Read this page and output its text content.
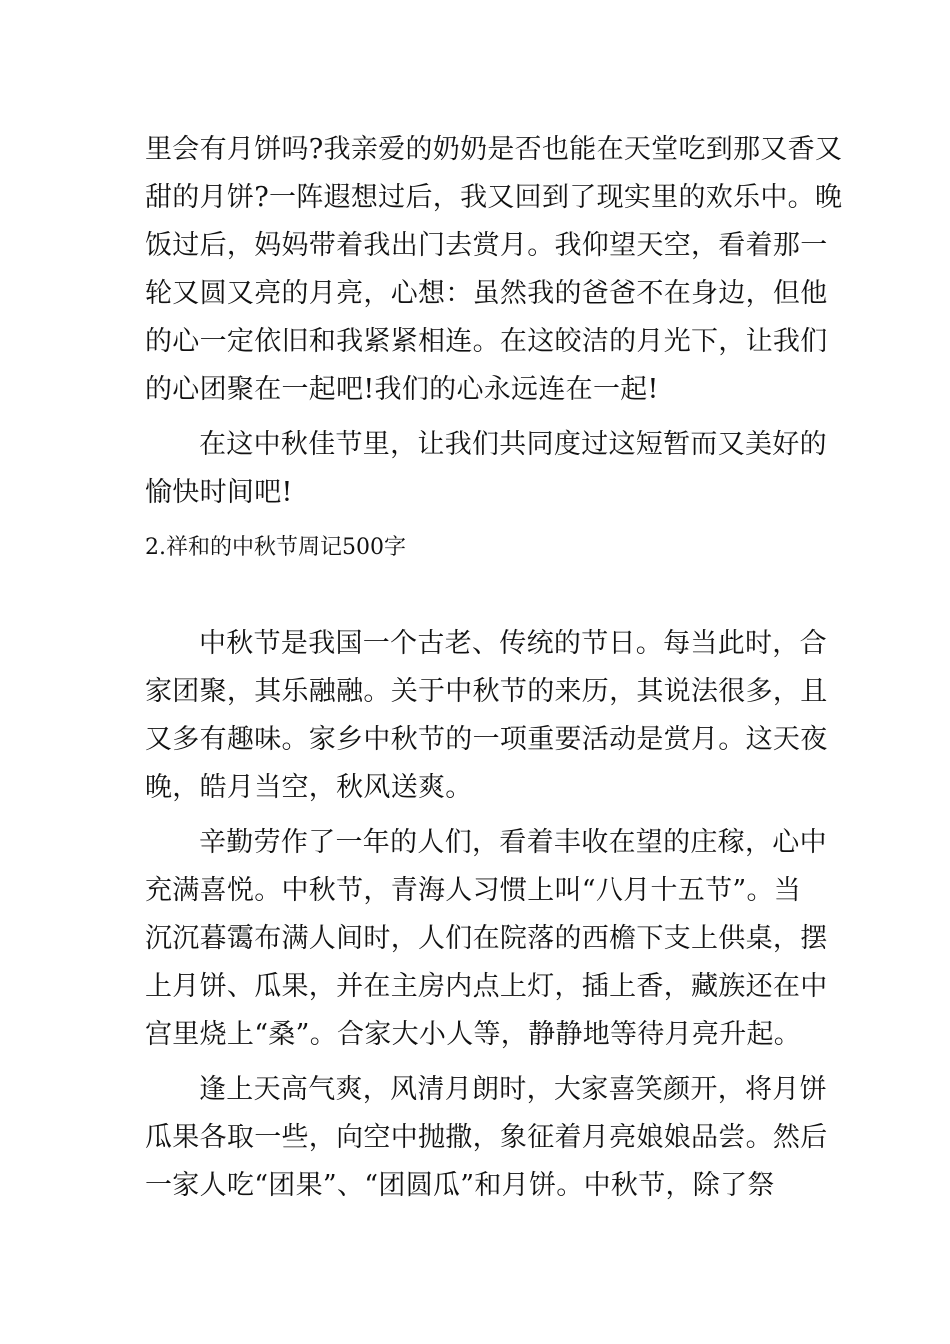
里会有月饼吗?我亲爱的奶奶是否也能在天堂吃到那又香又
甜的月饼?一阵遐想过后，我又回到了现实里的欢乐中。晚
饭过后，妈妈带着我出门去赏月。我仰望天空，看着那一
轮又圆又亮的月亮，心想：虽然我的爸爸不在身边，但他
的心一定依旧和我紧紧相连。在这皎洁的月光下，让我们
的心团聚在一起吧!我们的心永远连在一起!
在这中秋佳节里，让我们共同度过这短暂而又美好的
愉快时间吧!
2.祥和的中秋节周记500字
中秋节是我国一个古老、传统的节日。每当此时，合
家团聚，其乐融融。关于中秋节的来历，其说法很多，且
又多有趣味。家乡中秋节的一项重要活动是赏月。这天夜
晚，皓月当空，秋风送爽。
辛勤劳作了一年的人们，看着丰收在望的庄稼，心中
充满喜悦。中秋节，青海人习惯上叫“八月十五节”。当
沉沉暮霭布满人间时，人们在院落的西檐下支上供桌，摆
上月饼、瓜果，并在主房内点上灯，插上香，藏族还在中
宫里烧上“桑”。合家大小人等，静静地等待月亮升起。
逢上天高气爽，风清月朗时，大家喜笑颜开，将月饼
瓜果各取一些，向空中抛撒，象征着月亮娘娘品尝。然后
一家人吃“团果”、“团圆瓜”和月饼。中秋节，除了祭
